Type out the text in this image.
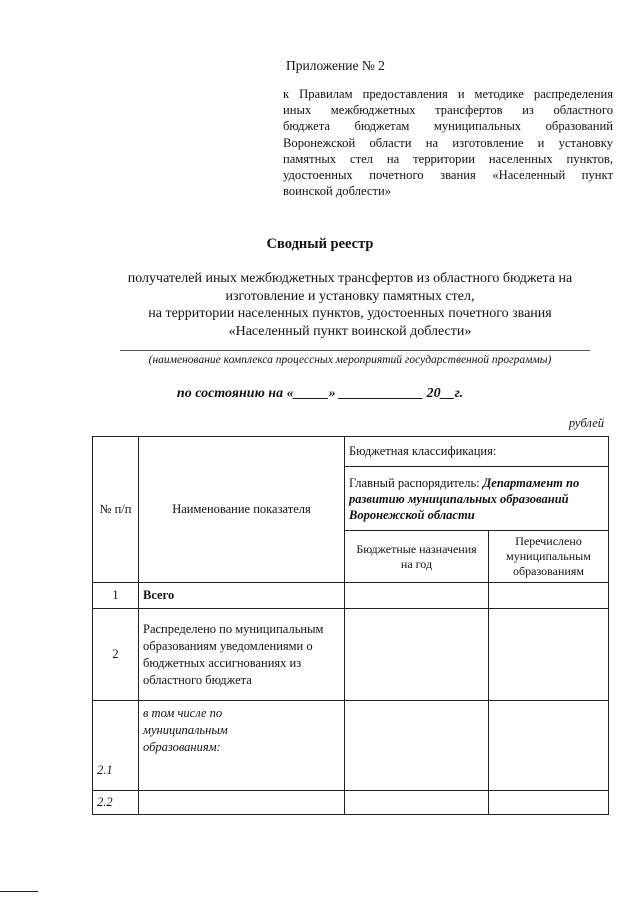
Приложение № 2
к Правилам предоставления и методике распределения
иных межбюджетных трансфертов из областного
бюджета бюджетам муниципальных образований
Воронежской области на изготовление и установку
памятных стел на территории населенных пунктов,
удостоенных почетного звания «Населенный пункт
воинской доблести»
Сводный реестр
получателей иных межбюджетных трансфертов из областного бюджета на
изготовление и установку памятных стел,
на территории населенных пунктов, удостоенных почетного звания
«Населенный пункт воинской доблести»
(наименование комплекса процессных мероприятий государственной программы)
по состоянию на «_____» ____________ 20__г.
рублей
№ п/п	Наименование показателя	Бюджетная классификация:	
		Главный распорядитель: Департамент по развитию муниципальных образований Воронежской области	
		Бюджетные назначения на год	Перечислено муниципальным образованиям
1	Всего		
2	Распределено по муниципальным образованиям уведомлениями о бюджетных ассигнованиях из областного бюджета		
2.1	в том числе по муниципальным образованиям:		
2.2			
